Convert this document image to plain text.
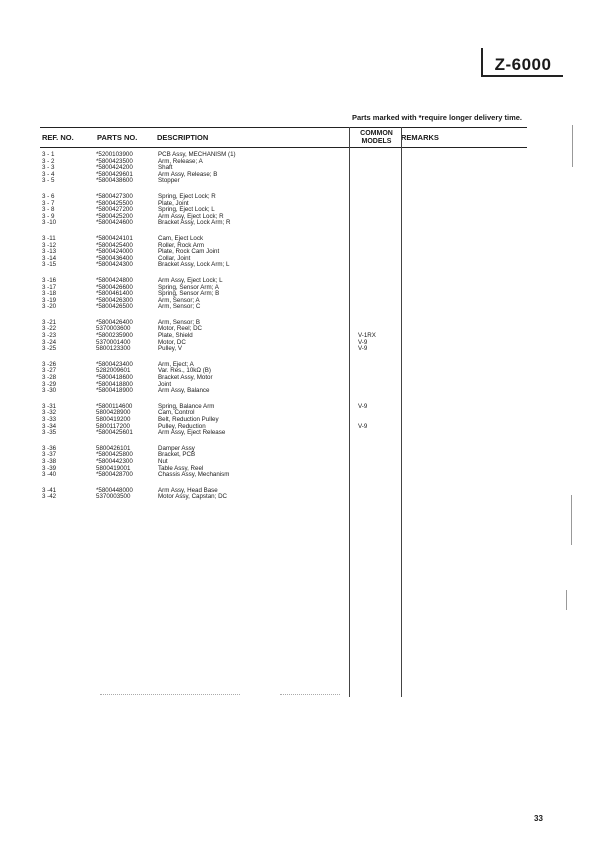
Z-6000
Parts marked with *require longer delivery time.
REF. NO.	PARTS NO.	DESCRIPTION	COMMON MODELS	REMARKS
3 - 1	*5200103900	PCB Assy, MECHANISM (1)
3 - 2	*5800423500	Arm, Release; A
3 - 3	*5800424200	Shaft
3 - 4	*5800429601	Arm Assy, Release; B
3 - 5	*5800438600	Stopper
3 - 6	*5800427300	Spring, Eject Lock; R
3 - 7	*5800425500	Plate, Joint
3 - 8	*5800427200	Spring, Eject Lock; L
3 - 9	*5800425200	Arm Assy, Eject Lock; R
3 -10	*5800424600	Bracket Assy, Lock Arm; R
3 -11	*5800424101	Cam, Eject Lock
3 -12	*5800425400	Roller, Rock Arm
3 -13	*5800424000	Plate, Rock Cam Joint
3 -14	*5800436400	Collar, Joint
3 -15	*5800424300	Bracket Assy, Lock Arm; L
3 -16	*5800424800	Arm Assy, Eject Lock; L
3 -17	*5800426600	Spring, Sensor Arm; A
3 -18	*5800461400	Spring, Sensor Arm; B
3 -19	*5800426300	Arm, Sensor; A
3 -20	*5800426500	Arm, Sensor; C
3 -21	*5800426400	Arm, Sensor; B
3 -22	5370003600	Motor, Reel; DC
3 -23	*5800235900	Plate, Shield	V-1RX
3 -24	5370001400	Motor, DC	V-9
3 -25	5800123300	Pulley, V	V-9
3 -26	*5800423400	Arm, Eject; A
3 -27	5282009601	Var. Res., 10kΩ (B)
3 -28	*5800418600	Bracket Assy, Motor
3 -29	*5800418800	Joint
3 -30	*5800418900	Arm Assy, Balance
3 -31	*5800114600	Spring, Balance Arm	V-9
3 -32	5800428900	Cam, Control
3 -33	5800419200	Belt, Reduction Pulley
3 -34	5800117200	Pulley, Reduction	V-9
3 -35	*5800425601	Arm Assy, Eject Release
3 -36	5800426101	Damper Assy
3 -37	*5800425800	Bracket, PCB
3 -38	*5800442300	Nut
3 -39	5800419001	Table Assy, Reel
3 -40	*5800428700	Chassis Assy, Mechanism
3 -41	*5800448000	Arm Assy, Head Base
3 -42	5370003500	Motor Assy, Capstan; DC
33
